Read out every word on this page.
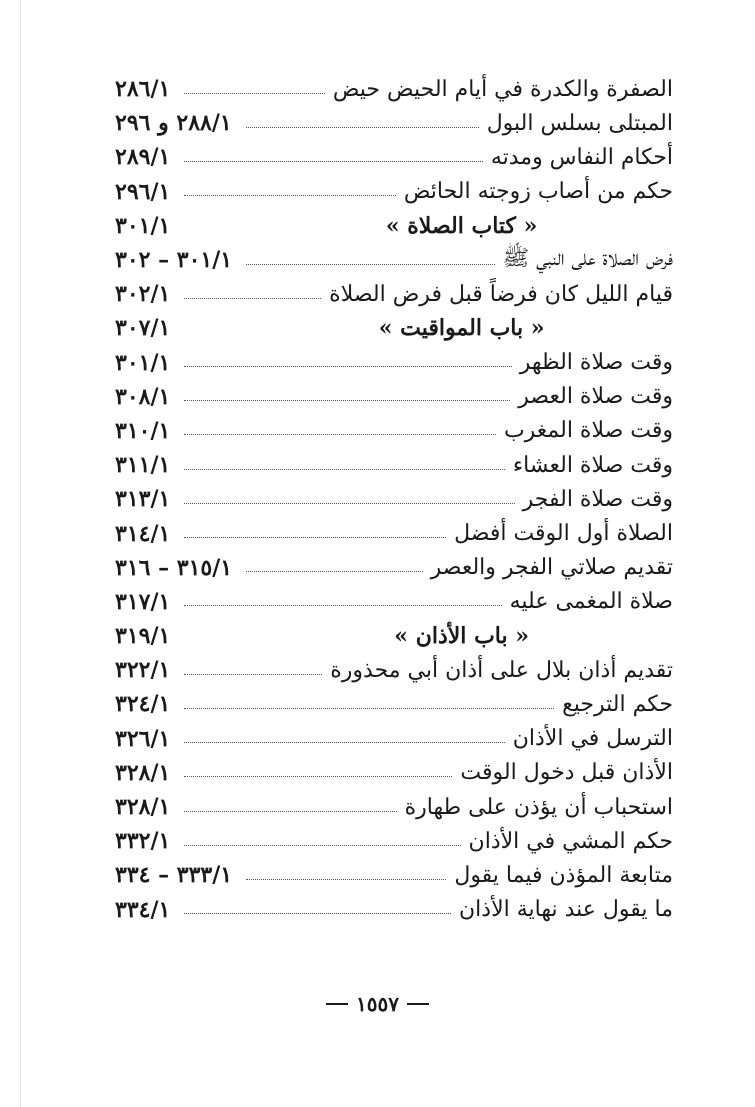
الصفرة والكدرة في أيام الحيض حيض
٢٨٦/١
المبتلى بسلس البول
٢٨٨/١ و ٢٩٦
أحكام النفاس ومدته
٢٨٩/١
حكم من أصاب زوجته الحائض
٢٩٦/١
« كتاب الصلاة »
٣٠١/١
فرض الصلاة على النبي ﷺ
٣٠١/١ – ٣٠٢
قيام الليل كان فرضاً قبل فرض الصلاة
٣٠٢/١
« باب المواقيت »
٣٠٧/١
وقت صلاة الظهر
٣٠١/١
وقت صلاة العصر
٣٠٨/١
وقت صلاة المغرب
٣١٠/١
وقت صلاة العشاء
٣١١/١
وقت صلاة الفجر
٣١٣/١
الصلاة أول الوقت أفضل
٣١٤/١
تقديم صلاتي الفجر والعصر
٣١٥/١ – ٣١٦
صلاة المغمى عليه
٣١٧/١
« باب الأذان »
٣١٩/١
تقديم أذان بلال على أذان أبي محذورة
٣٢٢/١
حكم الترجيع
٣٢٤/١
الترسل في الأذان
٣٢٦/١
الأذان قبل دخول الوقت
٣٢٨/١
استحباب أن يؤذن على طهارة
٣٢٨/١
حكم المشي في الأذان
٣٣٢/١
متابعة المؤذن فيما يقول
٣٣٣/١ – ٣٣٤
ما يقول عند نهاية الأذان
٣٣٤/١
١٥٥٧
